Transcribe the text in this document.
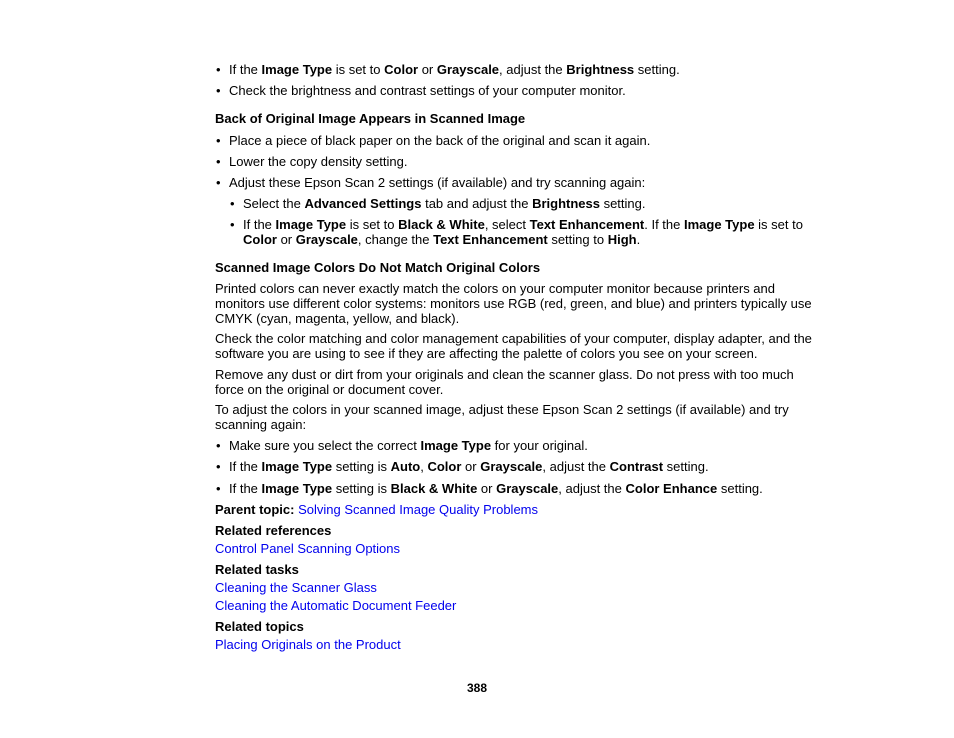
• If the Image Type is set to Color or Grayscale, adjust the Brightness setting.
• Check the brightness and contrast settings of your computer monitor.
Back of Original Image Appears in Scanned Image
• Place a piece of black paper on the back of the original and scan it again.
• Lower the copy density setting.
• Adjust these Epson Scan 2 settings (if available) and try scanning again:
• Select the Advanced Settings tab and adjust the Brightness setting.
• If the Image Type is set to Black & White, select Text Enhancement. If the Image Type is set to
Color or Grayscale, change the Text Enhancement setting to High.
Scanned Image Colors Do Not Match Original Colors
Printed colors can never exactly match the colors on your computer monitor because printers and monitors use different color systems: monitors use RGB (red, green, and blue) and printers typically use CMYK (cyan, magenta, yellow, and black).
Check the color matching and color management capabilities of your computer, display adapter, and the software you are using to see if they are affecting the palette of colors you see on your screen.
Remove any dust or dirt from your originals and clean the scanner glass. Do not press with too much force on the original or document cover.
To adjust the colors in your scanned image, adjust these Epson Scan 2 settings (if available) and try scanning again:
• Make sure you select the correct Image Type for your original.
• If the Image Type setting is Auto, Color or Grayscale, adjust the Contrast setting.
• If the Image Type setting is Black & White or Grayscale, adjust the Color Enhance setting.
Parent topic: Solving Scanned Image Quality Problems
Related references
Control Panel Scanning Options
Related tasks
Cleaning the Scanner Glass
Cleaning the Automatic Document Feeder
Related topics
Placing Originals on the Product
388
